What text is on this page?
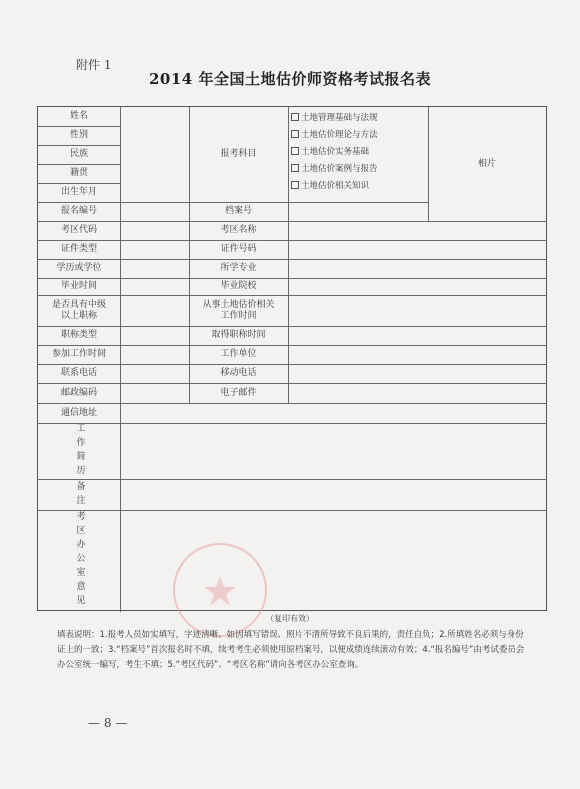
附件 1
2014 年全国土地估价师资格考试报名表
姓名
性别
民族
籍贯
出生年月
报名编号
考区代码
证件类型
学历或学位
毕业时间
是否具有中级
以上职称
职称类型
参加工作时间
联系电话
邮政编码
通信地址
工作简历
备注
考区办公室意见
报考科目
档案号
考区名称
证件号码
所学专业
毕业院校
从事土地估价相关
工作时间
取得职称时间
工作单位
移动电话
电子邮件
土地管理基础与法规
土地估价理论与方法
土地估价实务基础
土地估价案例与报告
土地估价相关知识
相片
（复印有效）
填表说明：1.报考人员如实填写，字迹清晰。如因填写错误、照片不清所导致不良后果的，责任自负；2.所填姓名必须与身份证上的一致；3.“档案号”首次报名时不填，续考考生必须使用原档案号，以便成绩连续滚动有效；4.“报名编号”由考试委员会办公室统一编写，考生不填；5.“考区代码”、“考区名称”请向各考区办公室查询。
— 8 —
